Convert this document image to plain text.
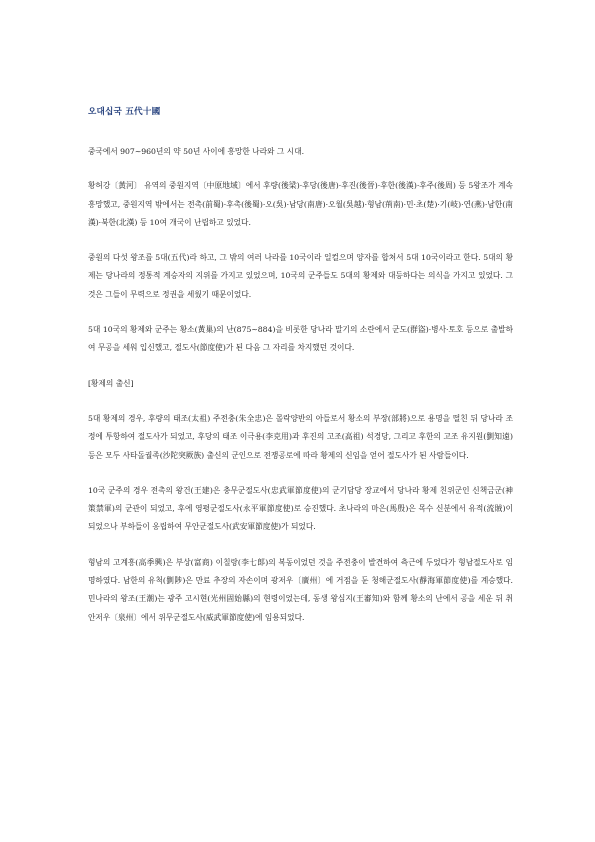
오대십국 五代十國

중국에서 907∼960년의 약 50년 사이에 흥망한 나라와 그 시대.

황허강〔黃河〕 유역의 중원지역〔中原地域〕에서 후량(後梁)·후당(後唐)·후진(後晉)·후한(後漢)·후주(後周) 등 5왕조가 계속 흥망했고, 중원지역 밖에서는 전촉(前蜀)·후촉(後蜀)·오(吳)·남당(南唐)·오월(吳越)·형남(荊南)·민·초(楚)·기(岐)·연(燕)·남한(南漢)·북한(北漢) 등 10여 개국이 난립하고 있었다.

중원의 다섯 왕조를 5대(五代)라 하고, 그 밖의 여러 나라를 10국이라 일컬으며 양자를 합쳐서 5대 10국이라고 한다. 5대의 황제는 당나라의 정통적 계승자의 지위를 가지고 있었으며, 10국의 군주들도 5대의 황제와 대등하다는 의식을 가지고 있었다. 그것은 그들이 무력으로 정권을 세웠기 때문이었다.

5대 10국의 황제와 군주는 황소(黃巢)의 난(875∼884)을 비롯한 당나라 말기의 소란에서 군도(群盜)·병사·토호 등으로 출발하여 무공을 세워 입신했고, 절도사(節度使)가 된 다음 그 자리를 차지했던 것이다.

[황제의 출신]

5대 황제의 경우, 후량의 태조(太祖) 주전충(朱全忠)은 몰락양반의 아들로서 황소의 부장(部將)으로 용명을 떨친 뒤 당나라 조정에 투항하여 절도사가 되었고, 후당의 태조 이극용(李克用)과 후진의 고조(高祖) 석경당, 그리고 후한의 고조 유지원(劉知遠) 등은 모두 사타돌궐족(沙陀突厥族) 출신의 군인으로 전쟁공로에 따라 황제의 신임을 얻어 절도사가 된 사람들이다.

10국 군주의 경우 전촉의 왕건(王建)은 충무군절도사(忠武軍節度使)의 군기담당 장교에서 당나라 황제 친위군인 신책금군(神策禁軍)의 군관이 되었고, 후에 영평군절도사(永平軍節度使)로 승진했다. 초나라의 마은(馬殷)은 목수 신분에서 유적(流賊)이 되었으나 부하들이 옹립하여 무안군절도사(武安軍節度使)가 되었다.

형남의 고계흥(高季興)은 부상(富商) 이칠랑(李七郞)의 복동이었던 것을 주전충이 발견하여 측근에 두었다가 형남절도사로 임명하였다. 남한의 유척(劉陟)은 만료 추장의 자손이며 광저우〔廣州〕에 거점을 둔 청해군절도사(靜海軍節度使)를 계승했다. 민나라의 왕조(王潮)는 광주 고시현(光州固始縣)의 현령이었는데, 동생 왕심지(王審知)와 함께 황소의 난에서 공을 세운 뒤 취안저우〔泉州〕에서 위무군절도사(威武軍節度使)에 임용되었다.
